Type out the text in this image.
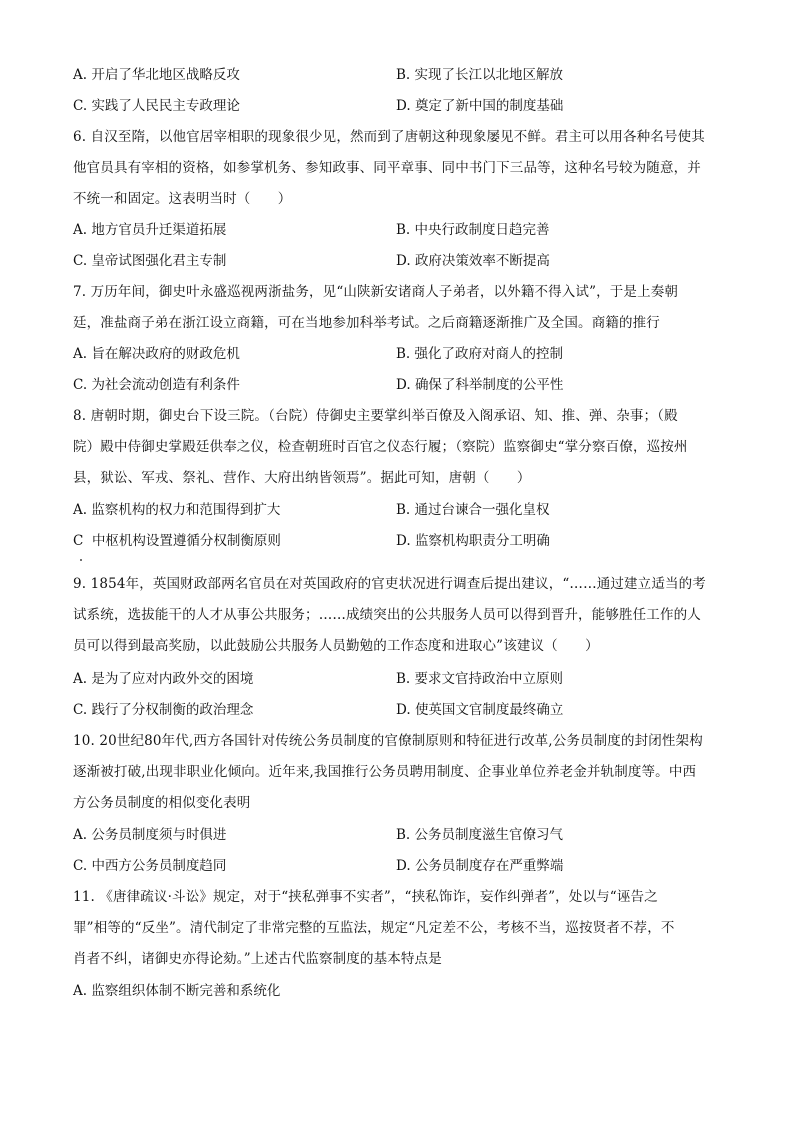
A. 开启了华北地区战略反攻	B. 实现了长江以北地区解放
C. 实践了人民民主专政理论	D. 奠定了新中国的制度基础
6. 自汉至隋，以他官居宰相职的现象很少见，然而到了唐朝这种现象屡见不鲜。君主可以用各种名号使其
他官员具有宰相的资格，如参掌机务、参知政事、同平章事、同中书门下三品等，这种名号较为随意，并
不统一和固定。这表明当时（　　）
A. 地方官员升迁渠道拓展	B. 中央行政制度日趋完善
C. 皇帝试图强化君主专制	D. 政府决策效率不断提高
7. 万历年间，御史叶永盛巡视两浙盐务，见“山陕新安诸商人子弟者，以外籍不得入试”，于是上奏朝
廷，准盐商子弟在浙江设立商籍，可在当地参加科举考试。之后商籍逐渐推广及全国。商籍的推行
A. 旨在解决政府的财政危机	B. 强化了政府对商人的控制
C. 为社会流动创造有利条件	D. 确保了科举制度的公平性
8. 唐朝时期，御史台下设三院。（台院）侍御史主要掌纠举百僚及入阁承诏、知、推、弹、杂事；（殿
院）殿中侍御史掌殿廷供奉之仪，检查朝班时百官之仪态行履；（察院）监察御史“掌分察百僚，巡按州
县，狱讼、军戎、祭礼、营作、大府出纳皆领焉”。据此可知，唐朝（　　）
A. 监察机构的权力和范围得到扩大	B. 通过台谏合一强化皇权
C 中枢机构设置遵循分权制衡原则	D. 监察机构职责分工明确
9. 1854年，英国财政部两名官员在对英国政府的官吏状况进行调查后提出建议，“……通过建立适当的考
试系统，选拔能干的人才从事公共服务；……成绩突出的公共服务人员可以得到晋升，能够胜任工作的人
员可以得到最高奖励，以此鼓励公共服务人员勤勉的工作态度和进取心”该建议（　　）
A. 是为了应对内政外交的困境	B. 要求文官持政治中立原则
C. 践行了分权制衡的政治理念	D. 使英国文官制度最终确立
10. 20世纪80年代,西方各国针对传统公务员制度的官僚制原则和特征进行改革,公务员制度的封闭性架构
逐渐被打破,出现非职业化倾向。近年来,我国推行公务员聘用制度、企事业单位养老金并轨制度等。中西
方公务员制度的相似变化表明
A. 公务员制度须与时俱进	B. 公务员制度滋生官僚习气
C. 中西方公务员制度趋同	D. 公务员制度存在严重弊端
11. 《唐律疏议·斗讼》规定，对于“挟私弹事不实者”，“挟私饰诈，妄作纠弹者”，处以与“诬告之
罪”相等的“反坐”。清代制定了非常完整的互监法，规定“凡定差不公，考核不当，巡按贤者不荐，不
肖者不纠，诸御史亦得论劾。”上述古代监察制度的基本特点是
A. 监察组织体制不断完善和系统化
